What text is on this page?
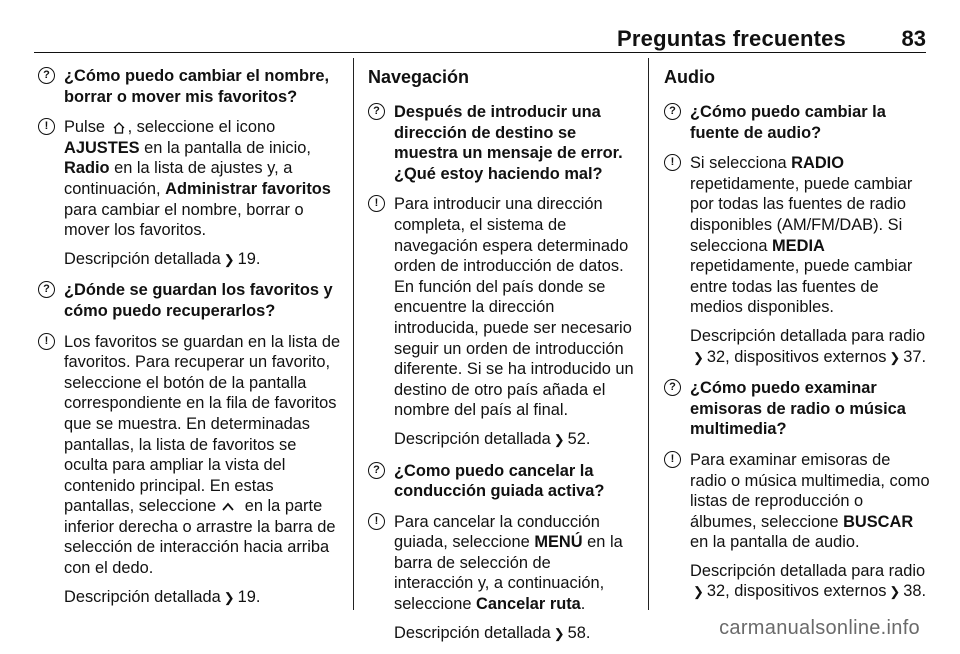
Preguntas frecuentes	83
? ¿Cómo puedo cambiar el nombre, borrar o mover mis favoritos?
! Pulse , seleccione el icono AJUSTES en la pantalla de inicio, Radio en la lista de ajustes y, a continuación, Administrar favoritos para cambiar el nombre, borrar o mover los favoritos.
Descripción detallada ❯ 19.
? ¿Dónde se guardan los favoritos y cómo puedo recuperarlos?
! Los favoritos se guardan en la lista de favoritos. Para recuperar un favorito, seleccione el botón de la pantalla correspondiente en la fila de favoritos que se muestra. En determinadas pantallas, la lista de favoritos se oculta para ampliar la vista del contenido principal. En estas pantallas, seleccione en la parte inferior derecha o arrastre la barra de selección de interacción hacia arriba con el dedo.
Descripción detallada ❯ 19.
Navegación
? Después de introducir una dirección de destino se muestra un mensaje de error. ¿Qué estoy haciendo mal?
! Para introducir una dirección completa, el sistema de navegación espera determinado orden de introducción de datos. En función del país donde se encuentre la dirección introducida, puede ser necesario seguir un orden de introducción diferente. Si se ha introducido un destino de otro país añada el nombre del país al final.
Descripción detallada ❯ 52.
? ¿Como puedo cancelar la conducción guiada activa?
! Para cancelar la conducción guiada, seleccione MENÚ en la barra de selección de interacción y, a continuación, seleccione Cancelar ruta.
Descripción detallada ❯ 58.
Audio
? ¿Cómo puedo cambiar la fuente de audio?
! Si selecciona RADIO repetidamente, puede cambiar por todas las fuentes de radio disponibles (AM/FM/DAB). Si selecciona MEDIA repetidamente, puede cambiar entre todas las fuentes de medios disponibles.
Descripción detallada para radio ❯ 32, dispositivos externos ❯ 37.
? ¿Cómo puedo examinar emisoras de radio o música multimedia?
! Para examinar emisoras de radio o música multimedia, como listas de reproducción o álbumes, seleccione BUSCAR en la pantalla de audio.
Descripción detallada para radio ❯ 32, dispositivos externos ❯ 38.
carmanualsonline.info
